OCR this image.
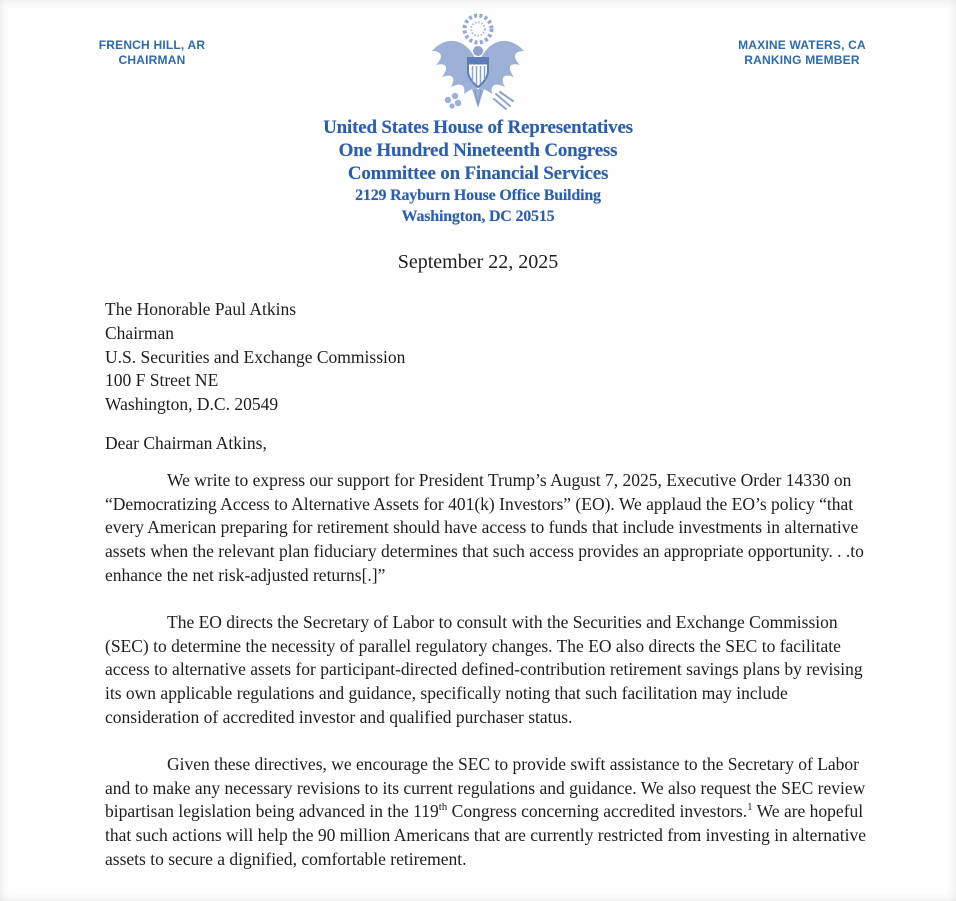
FRENCH HILL, AR
CHAIRMAN
MAXINE WATERS, CA
RANKING MEMBER
United States House of Representatives
One Hundred Nineteenth Congress
Committee on Financial Services
2129 Rayburn House Office Building
Washington, DC 20515
September 22, 2025
The Honorable Paul Atkins
Chairman
U.S. Securities and Exchange Commission
100 F Street NE
Washington, D.C. 20549
Dear Chairman Atkins,

We write to express our support for President Trump’s August 7, 2025, Executive Order 14330 on “Democratizing Access to Alternative Assets for 401(k) Investors” (EO). We applaud the EO’s policy “that every American preparing for retirement should have access to funds that include investments in alternative assets when the relevant plan fiduciary determines that such access provides an appropriate opportunity. . .to enhance the net risk-adjusted returns[.]”

The EO directs the Secretary of Labor to consult with the Securities and Exchange Commission (SEC) to determine the necessity of parallel regulatory changes. The EO also directs the SEC to facilitate access to alternative assets for participant-directed defined-contribution retirement savings plans by revising its own applicable regulations and guidance, specifically noting that such facilitation may include consideration of accredited investor and qualified purchaser status.

Given these directives, we encourage the SEC to provide swift assistance to the Secretary of Labor and to make any necessary revisions to its current regulations and guidance. We also request the SEC review bipartisan legislation being advanced in the 119th Congress concerning accredited investors.$^1$ We are hopeful that such actions will help the 90 million Americans that are currently restricted from investing in alternative assets to secure a dignified, comfortable retirement.
